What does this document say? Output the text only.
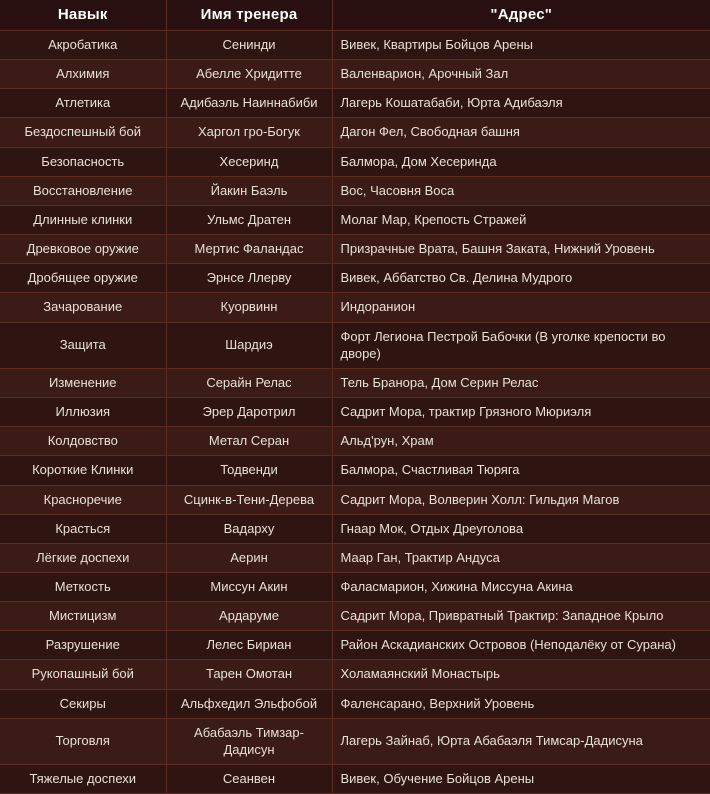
Навык	Имя тренера	"Адрес"
Акробатика	Сенинди	Вивек, Квартиры Бойцов Арены
Алхимия	Абелле Хридитте	Валенварион, Арочный Зал
Атлетика	Адибаэль Наиннабиби	Лагерь Кошатабаби, Юрта Адибаэля
Бездоспешный бой	Харгол гро-Богук	Дагон Фел, Свободная башня
Безопасность	Хесеринд	Балмора, Дом Хесеринда
Восстановление	Йакин Баэль	Вос, Часовня Воса
Длинные клинки	Ульмс Дратен	Молаг Мар, Крепость Стражей
Древковое оружие	Мертис Фаландас	Призрачные Врата, Башня Заката, Нижний Уровень
Дробящее оружие	Эрнсе Ллерву	Вивек, Аббатство Св. Делина Мудрого
Зачарование	Куорвинн	Индоранион
Защита	Шардиэ	Форт Легиона Пестрой Бабочки (В уголке крепости во дворе)
Изменение	Серайн Релас	Тель Бранора, Дом Серин Релас
Иллюзия	Эрер Даротрил	Садрит Мора, трактир Грязного Мюриэля
Колдовство	Метал Серан	Альд'рун, Храм
Короткие Клинки	Тодвенди	Балмора, Счастливая Тюряга
Красноречие	Сцинк-в-Тени-Дерева	Садрит Мора, Волверин Холл: Гильдия Магов
Красться	Вадарху	Гнаар Мок, Отдых Дреуголова
Лёгкие доспехи	Аерин	Маар Ган, Трактир Андуса
Меткость	Миссун Акин	Фаласмарион, Хижина Миссуна Акина
Мистицизм	Ардаруме	Садрит Мора, Привратный Трактир: Западное Крыло
Разрушение	Лелес Бириан	Район Аскадианских Островов (Неподалёку от Сурана)
Рукопашный бой	Тарен Омотан	Холамаянский Монастырь
Секиры	Альфхедил Эльфобой	Фаленсаранo, Верхний Уровень
Торговля	Абабаэль Тимзар-Дадисун	Лагерь Зайнаб, Юрта Абабаэля Тимсар-Дадисуна
Тяжелые доспехи	Сеанвен	Вивек, Обучение Бойцов Арены
